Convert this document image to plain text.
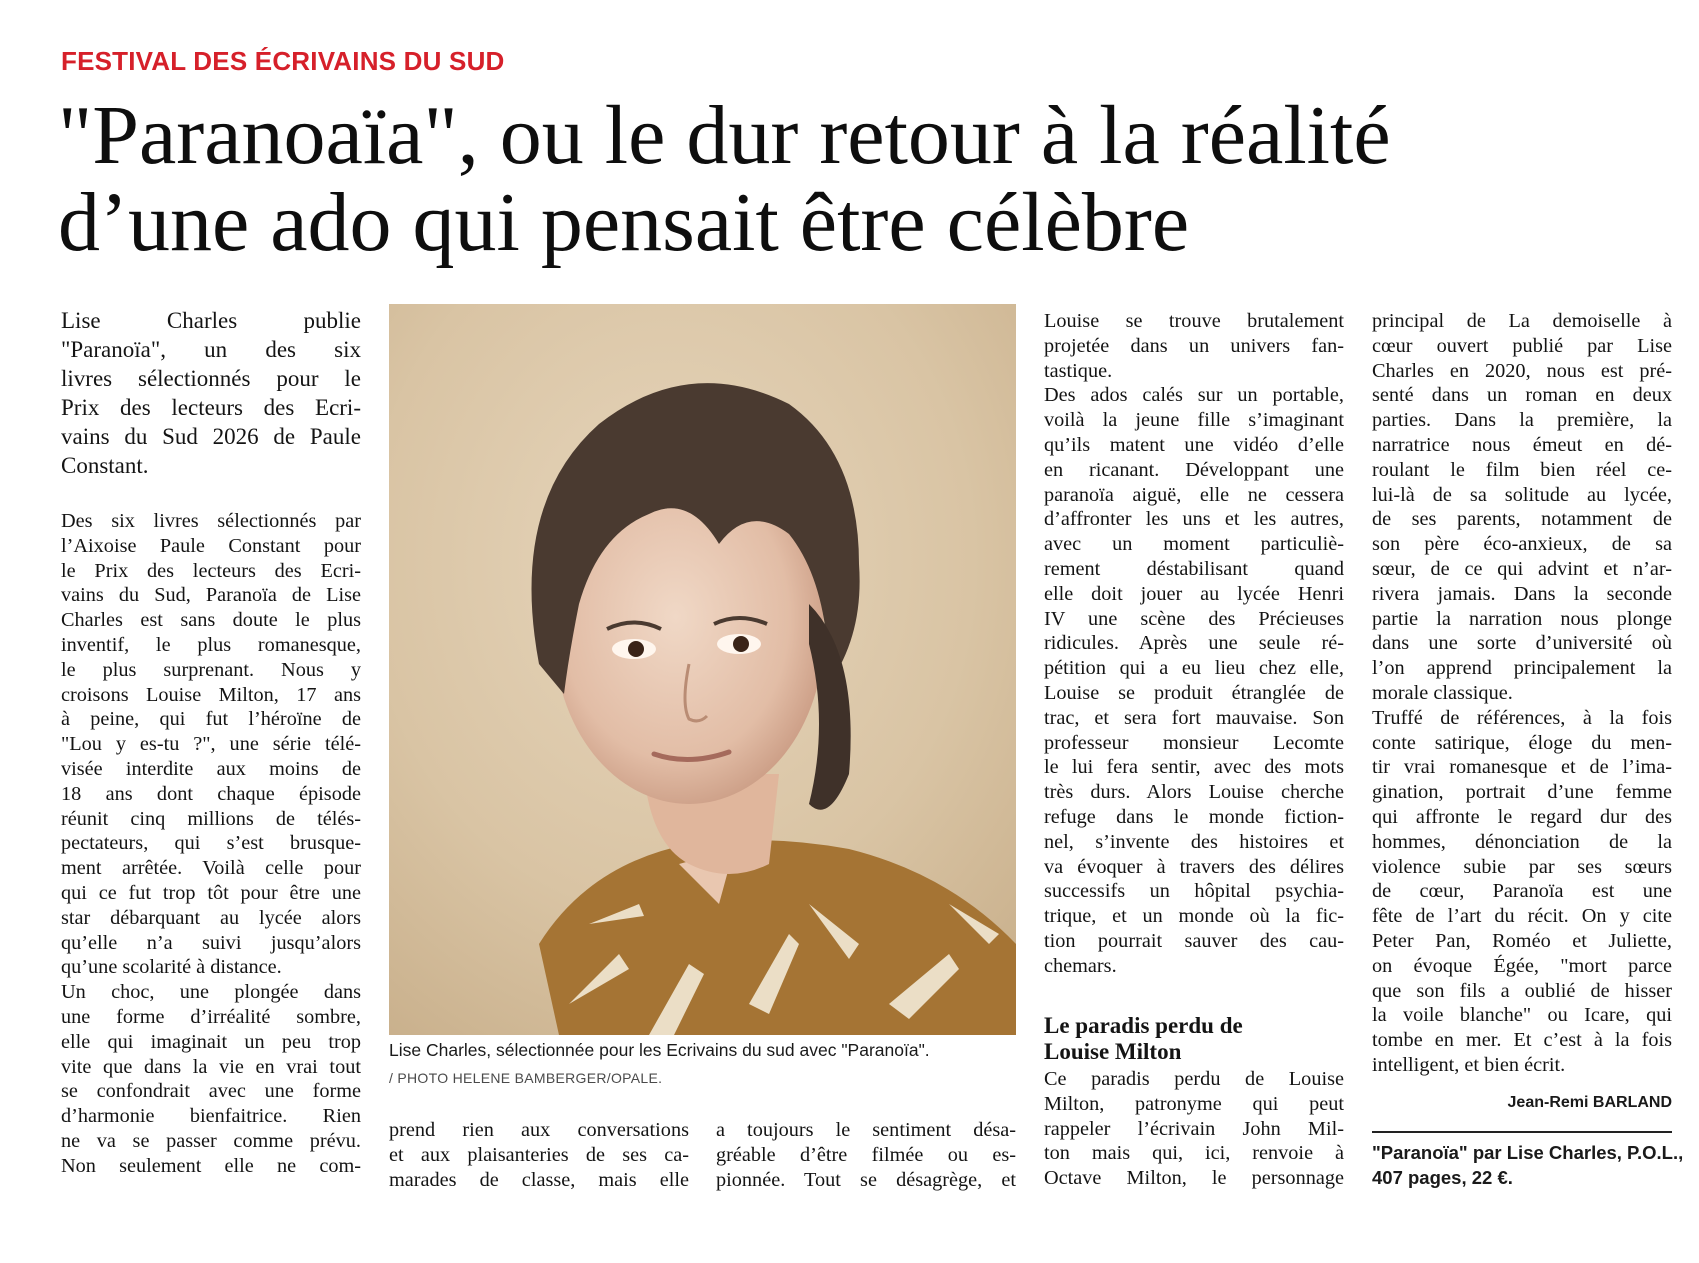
FESTIVAL DES ÉCRIVAINS DU SUD
"Paranoaïa", ou le dur retour à la réalité
d’une ado qui pensait être célèbre
Lise Charles publie
"Paranoïa", un des six
livres sélectionnés pour le
Prix des lecteurs des Ecri-
vains du Sud 2026 de Paule
Constant.
Des six livres sélectionnés par
l’Aixoise Paule Constant pour
le Prix des lecteurs des Ecri-
vains du Sud, Paranoïa de Lise
Charles est sans doute le plus
inventif, le plus romanesque,
le plus surprenant. Nous y
croisons Louise Milton, 17 ans
à peine, qui fut l’héroïne de
"Lou y es-tu ?", une série télé-
visée interdite aux moins de
18 ans dont chaque épisode
réunit cinq millions de télés-
pectateurs, qui s’est brusque-
ment arrêtée. Voilà celle pour
qui ce fut trop tôt pour être une
star débarquant au lycée alors
qu’elle n’a suivi jusqu’alors
qu’une scolarité à distance.
Un choc, une plongée dans
une forme d’irréalité sombre,
elle qui imaginait un peu trop
vite que dans la vie en vrai tout
se confondrait avec une forme
d’harmonie bienfaitrice. Rien
ne va se passer comme prévu.
Non seulement elle ne com-
Lise Charles, sélectionnée pour les Ecrivains du sud avec "Paranoïa".
/ PHOTO HELENE BAMBERGER/OPALE.
prend rien aux conversations
et aux plaisanteries de ses ca-
marades de classe, mais elle
a toujours le sentiment désa-
gréable d’être filmée ou es-
pionnée. Tout se désagrège, et
Louise se trouve brutalement
projetée dans un univers fan-
tastique.
Des ados calés sur un portable,
voilà la jeune fille s’imaginant
qu’ils matent une vidéo d’elle
en ricanant. Développant une
paranoïa aiguë, elle ne cessera
d’affronter les uns et les autres,
avec un moment particuliè-
rement déstabilisant quand
elle doit jouer au lycée Henri
IV une scène des Précieuses
ridicules. Après une seule ré-
pétition qui a eu lieu chez elle,
Louise se produit étranglée de
trac, et sera fort mauvaise. Son
professeur monsieur Lecomte
le lui fera sentir, avec des mots
très durs. Alors Louise cherche
refuge dans le monde fiction-
nel, s’invente des histoires et
va évoquer à travers des délires
successifs un hôpital psychia-
trique, et un monde où la fic-
tion pourrait sauver des cau-
chemars.
Le paradis perdu de
Louise Milton
Ce paradis perdu de Louise
Milton, patronyme qui peut
rappeler l’écrivain John Mil-
ton mais qui, ici, renvoie à
Octave Milton, le personnage
principal de La demoiselle à
cœur ouvert publié par Lise
Charles en 2020, nous est pré-
senté dans un roman en deux
parties. Dans la première, la
narratrice nous émeut en dé-
roulant le film bien réel ce-
lui-là de sa solitude au lycée,
de ses parents, notamment de
son père éco-anxieux, de sa
sœur, de ce qui advint et n’ar-
rivera jamais. Dans la seconde
partie la narration nous plonge
dans une sorte d’université où
l’on apprend principalement la
morale classique.
Truffé de références, à la fois
conte satirique, éloge du men-
tir vrai romanesque et de l’ima-
gination, portrait d’une femme
qui affronte le regard dur des
hommes, dénonciation de la
violence subie par ses sœurs
de cœur, Paranoïa est une
fête de l’art du récit. On y cite
Peter Pan, Roméo et Juliette,
on évoque Égée, "mort parce
que son fils a oublié de hisser
la voile blanche" ou Icare, qui
tombe en mer. Et c’est à la fois
intelligent, et bien écrit.
Jean-Remi BARLAND
"Paranoïa" par Lise Charles, P.O.L.,
407 pages, 22 €.
